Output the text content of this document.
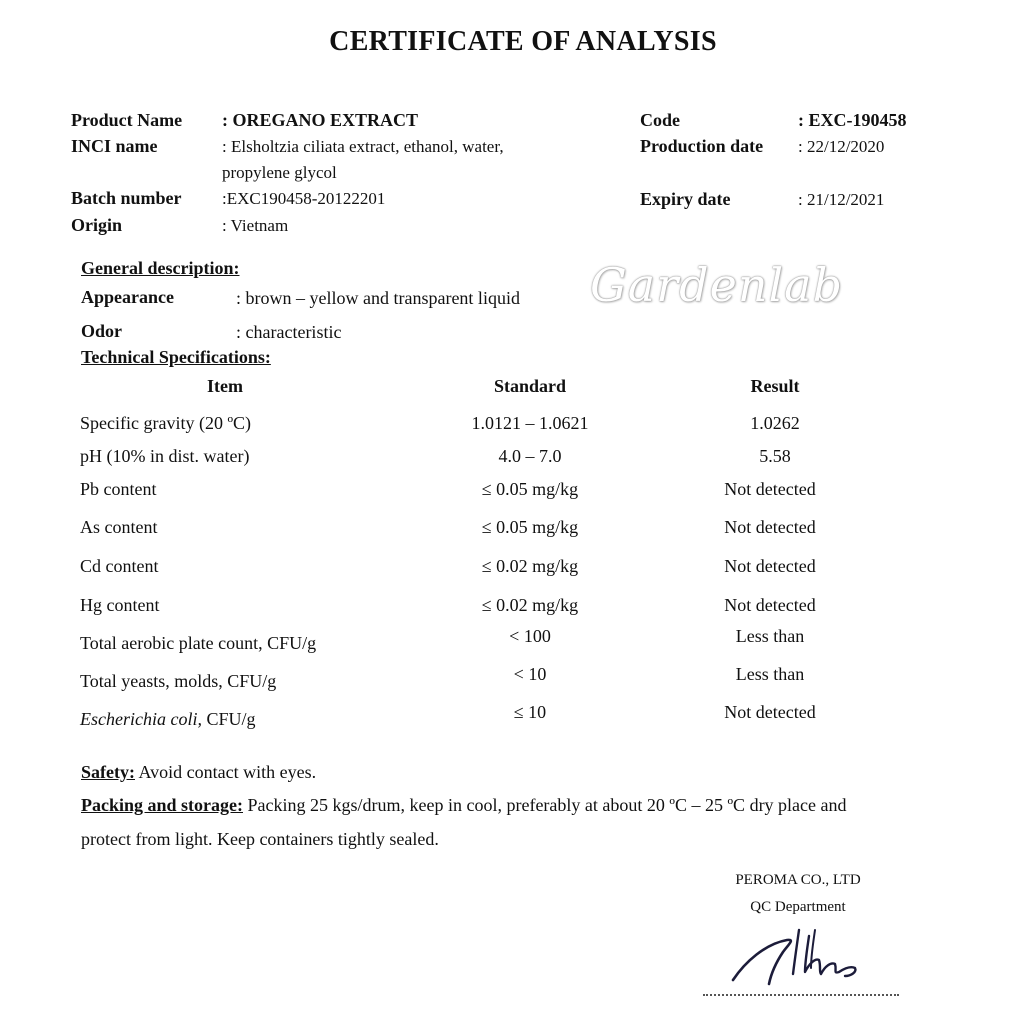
CERTIFICATE OF ANALYSIS
Product Name : OREGANO EXTRACT
INCI name	: Elsholtzia ciliata extract, ethanol, water,
propylene glycol
Batch number :EXC190458-20122201
Origin	: Vietnam
Code	: EXC-190458
Production date : 22/12/2020
Expiry date	: 21/12/2021
General description:
Appearance	: brown – yellow and transparent liquid
Odor	: characteristic
Gardenlab
Technical Specifications:
Item	Standard	Result
Specific gravity (20 ºC)	1.0121 – 1.0621	1.0262
pH (10% in dist. water)	4.0 – 7.0	5.58
Pb content	≤ 0.05 mg/kg	Not detected
As content	≤ 0.05 mg/kg	Not detected
Cd content	≤ 0.02 mg/kg	Not detected
Hg content	≤ 0.02 mg/kg	Not detected
Total aerobic plate count, CFU/g	< 100	Less than
Total yeasts, molds, CFU/g	< 10	Less than
Escherichia coli, CFU/g	≤ 10	Not detected
Safety: Avoid contact with eyes.
Packing and storage: Packing 25 kgs/drum, keep in cool, preferably at about 20 ºC – 25 ºC dry place and
protect from light. Keep containers tightly sealed.
PEROMA CO., LTD
QC Department
